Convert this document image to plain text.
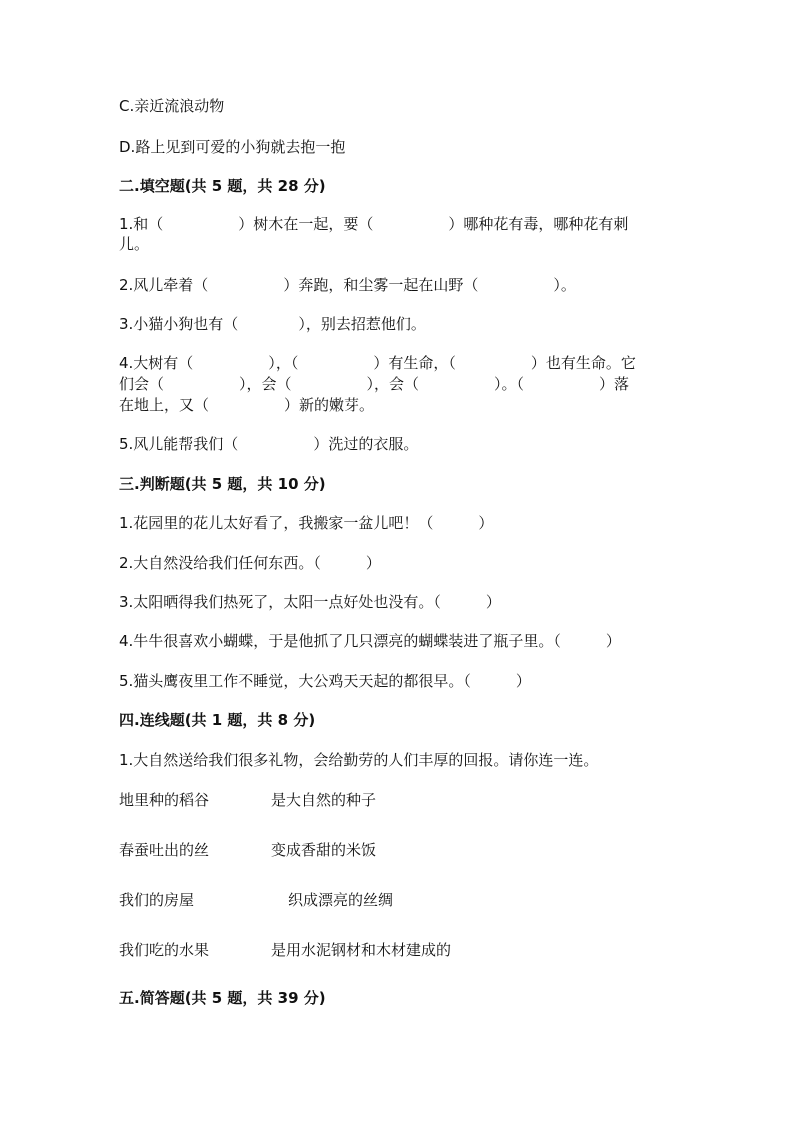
C.亲近流浪动物
D.路上见到可爱的小狗就去抱一抱
二.填空题(共 5 题，共 28 分)
1.和（　　　　　）树木在一起，要（　　　　　）哪种花有毒，哪种花有刺
儿。
2.风儿牵着（　　　　　）奔跑，和尘雾一起在山野（　　　　　）。
3.小猫小狗也有（　　　　），别去招惹他们。
4.大树有（　　　　　），（　　　　　）有生命，（　　　　　）也有生命。它
们会（　　　　　），会（　　　　　），会（　　　　　）。（　　　　　）落
在地上，又（　　　　　）新的嫩芽。
5.风儿能帮我们（　　　　　）洗过的衣服。
三.判断题(共 5 题，共 10 分)
1.花园里的花儿太好看了，我搬家一盆儿吧！（　　　）
2.大自然没给我们任何东西。（　　　）
3.太阳晒得我们热死了，太阳一点好处也没有。（　　　）
4.牛牛很喜欢小蝴蝶，于是他抓了几只漂亮的蝴蝶装进了瓶子里。（　　　）
5.猫头鹰夜里工作不睡觉，大公鸡天天起的都很早。（　　　）
四.连线题(共 1 题，共 8 分)
1.大自然送给我们很多礼物，会给勤劳的人们丰厚的回报。请你连一连。
地里种的稻谷	是大自然的种子
春蚕吐出的丝	变成香甜的米饭
我们的房屋	织成漂亮的丝绸
我们吃的水果	是用水泥钢材和木材建成的
五.简答题(共 5 题，共 39 分)
